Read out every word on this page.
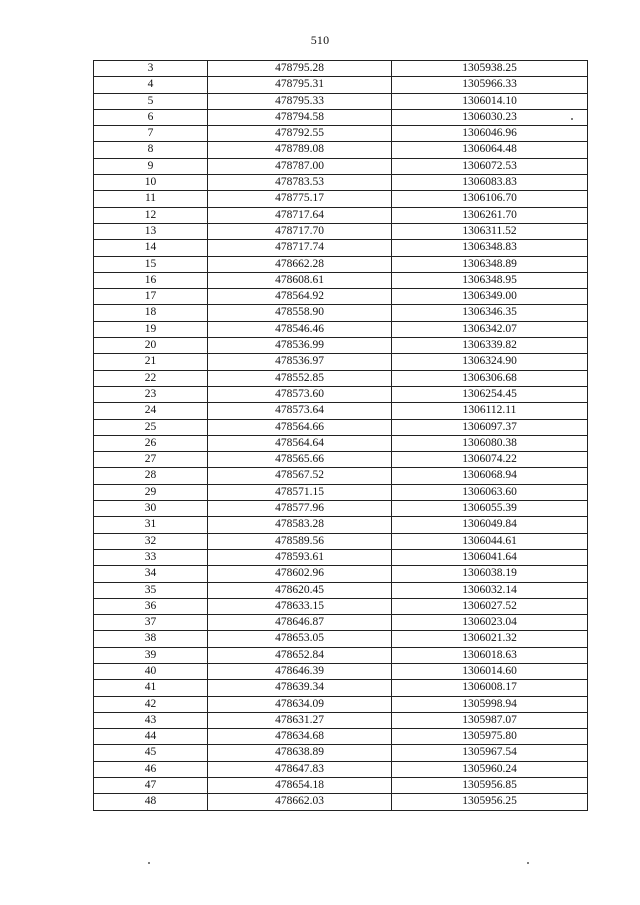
510
3	478795.28	1305938.25
4	478795.31	1305966.33
5	478795.33	1306014.10
6	478794.58	1306030.23
7	478792.55	1306046.96
8	478789.08	1306064.48
9	478787.00	1306072.53
10	478783.53	1306083.83
11	478775.17	1306106.70
12	478717.64	1306261.70
13	478717.70	1306311.52
14	478717.74	1306348.83
15	478662.28	1306348.89
16	478608.61	1306348.95
17	478564.92	1306349.00
18	478558.90	1306346.35
19	478546.46	1306342.07
20	478536.99	1306339.82
21	478536.97	1306324.90
22	478552.85	1306306.68
23	478573.60	1306254.45
24	478573.64	1306112.11
25	478564.66	1306097.37
26	478564.64	1306080.38
27	478565.66	1306074.22
28	478567.52	1306068.94
29	478571.15	1306063.60
30	478577.96	1306055.39
31	478583.28	1306049.84
32	478589.56	1306044.61
33	478593.61	1306041.64
34	478602.96	1306038.19
35	478620.45	1306032.14
36	478633.15	1306027.52
37	478646.87	1306023.04
38	478653.05	1306021.32
39	478652.84	1306018.63
40	478646.39	1306014.60
41	478639.34	1306008.17
42	478634.09	1305998.94
43	478631.27	1305987.07
44	478634.68	1305975.80
45	478638.89	1305967.54
46	478647.83	1305960.24
47	478654.18	1305956.85
48	478662.03	1305956.25
